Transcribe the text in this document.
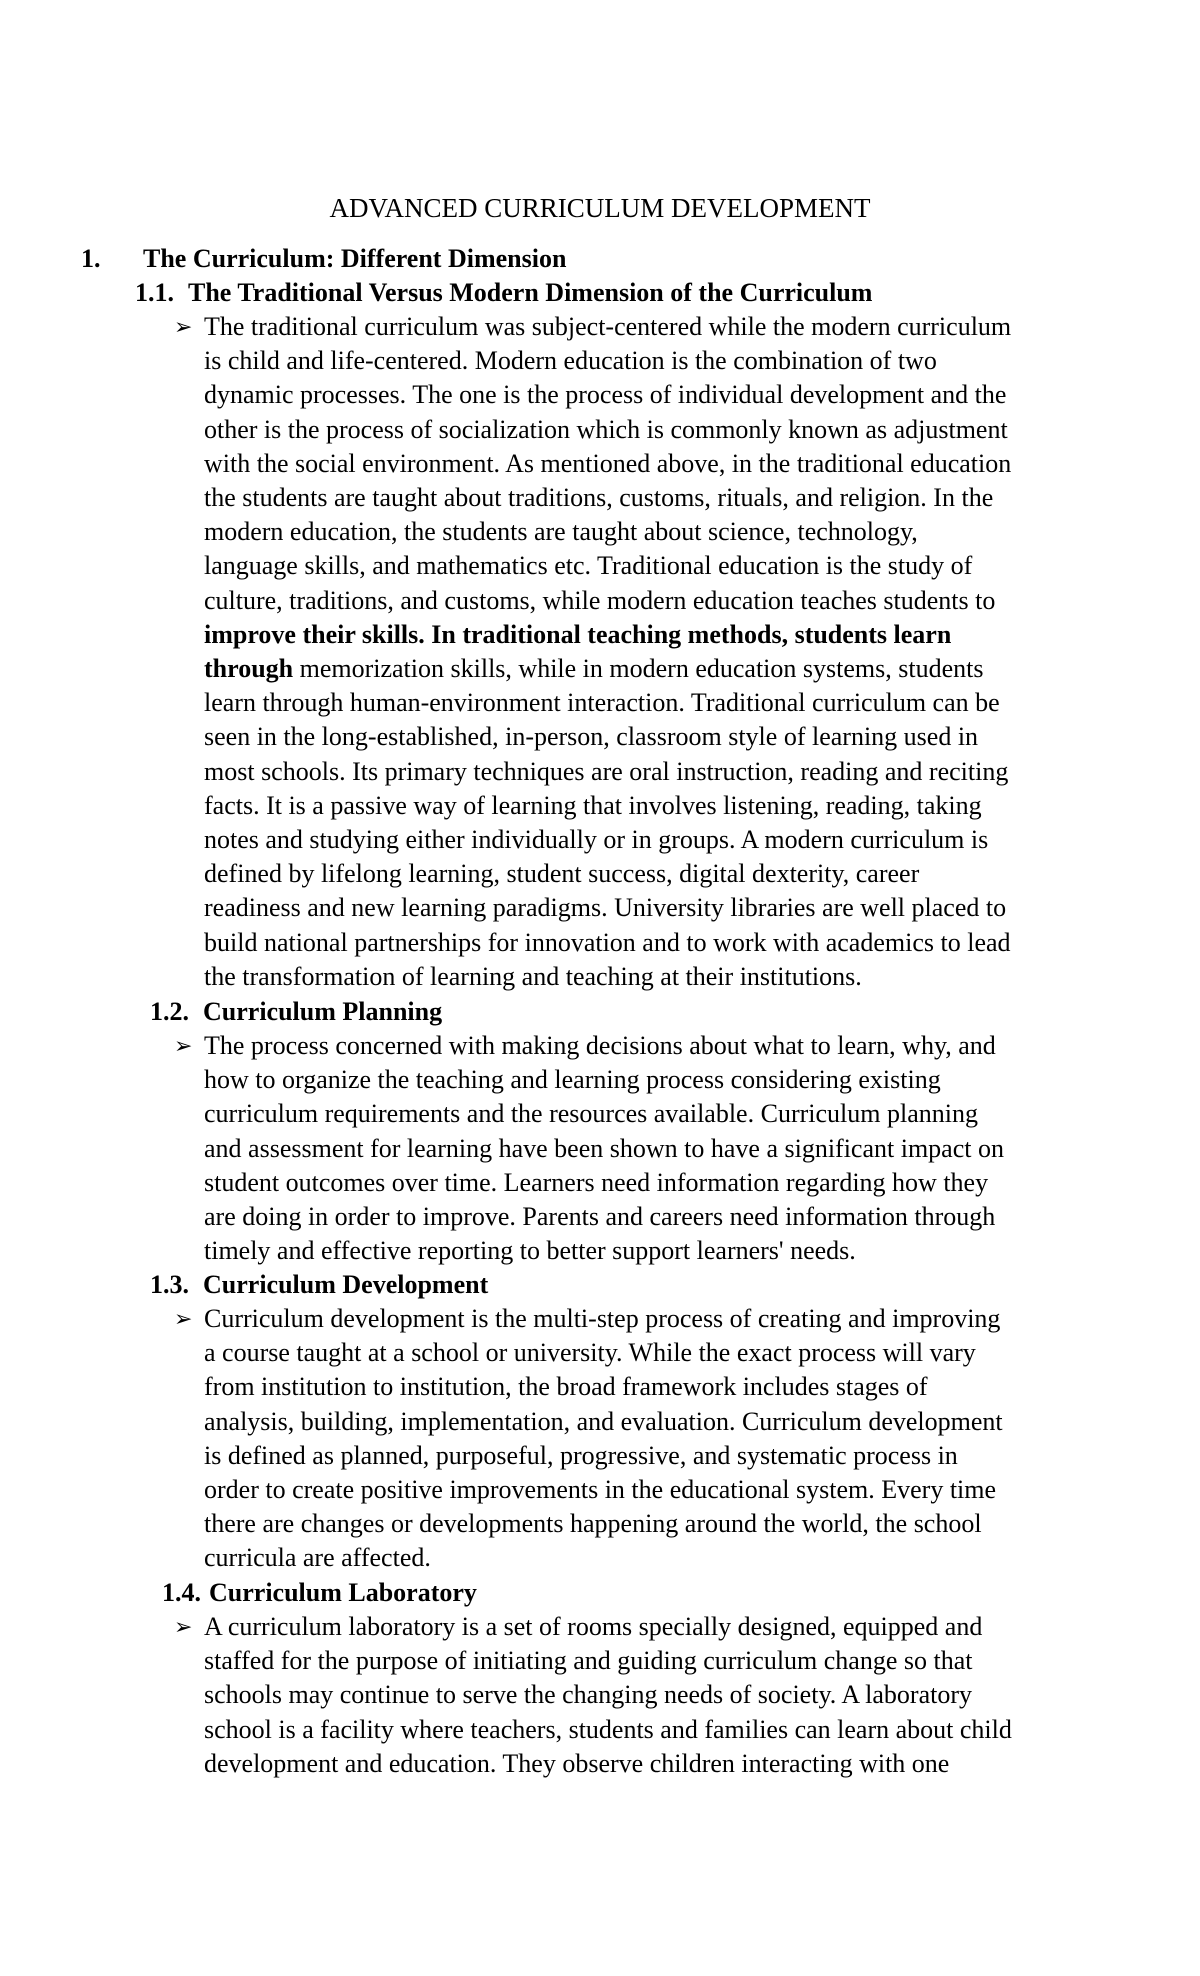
ADVANCED CURRICULUM DEVELOPMENT
1. The Curriculum: Different Dimension
1.1. The Traditional Versus Modern Dimension of the Curriculum
➢ The traditional curriculum was subject-centered while the modern curriculum
is child and life-centered. Modern education is the combination of two
dynamic processes. The one is the process of individual development and the
other is the process of socialization which is commonly known as adjustment
with the social environment. As mentioned above, in the traditional education
the students are taught about traditions, customs, rituals, and religion. In the
modern education, the students are taught about science, technology,
language skills, and mathematics etc. Traditional education is the study of
culture, traditions, and customs, while modern education teaches students to
improve their skills. In traditional teaching methods, students learn
through memorization skills, while in modern education systems, students
learn through human-environment interaction. Traditional curriculum can be
seen in the long-established, in-person, classroom style of learning used in
most schools. Its primary techniques are oral instruction, reading and reciting
facts. It is a passive way of learning that involves listening, reading, taking
notes and studying either individually or in groups. A modern curriculum is
defined by lifelong learning, student success, digital dexterity, career
readiness and new learning paradigms. University libraries are well placed to
build national partnerships for innovation and to work with academics to lead
the transformation of learning and teaching at their institutions.
1.2. Curriculum Planning
➢ The process concerned with making decisions about what to learn, why, and
how to organize the teaching and learning process considering existing
curriculum requirements and the resources available. Curriculum planning
and assessment for learning have been shown to have a significant impact on
student outcomes over time. Learners need information regarding how they
are doing in order to improve. Parents and careers need information through
timely and effective reporting to better support learners' needs.
1.3. Curriculum Development
➢ Curriculum development is the multi-step process of creating and improving
a course taught at a school or university. While the exact process will vary
from institution to institution, the broad framework includes stages of
analysis, building, implementation, and evaluation. Curriculum development
is defined as planned, purposeful, progressive, and systematic process in
order to create positive improvements in the educational system. Every time
there are changes or developments happening around the world, the school
curricula are affected.
1.4. Curriculum Laboratory
➢ A curriculum laboratory is a set of rooms specially designed, equipped and
staffed for the purpose of initiating and guiding curriculum change so that
schools may continue to serve the changing needs of society. A laboratory
school is a facility where teachers, students and families can learn about child
development and education. They observe children interacting with one
